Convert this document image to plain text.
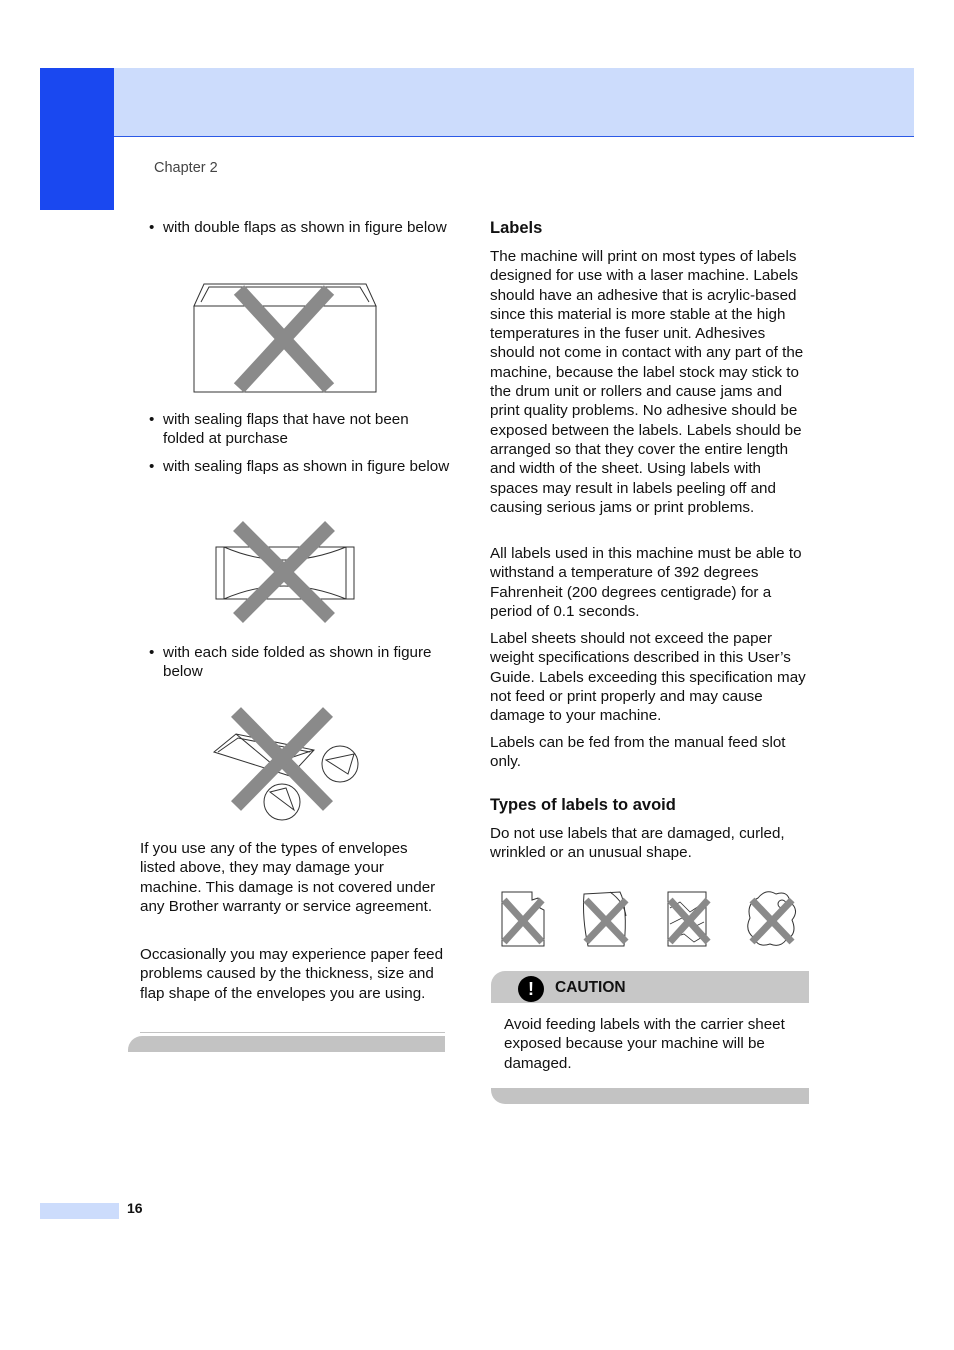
Chapter 2
• with double flaps as shown in figure below
• with sealing flaps that have not been folded at purchase
• with sealing flaps as shown in figure below
• with each side folded as shown in figure below
If you use any of the types of envelopes listed above, they may damage your machine. This damage is not covered under any Brother warranty or service agreement.
Occasionally you may experience paper feed problems caused by the thickness, size and flap shape of the envelopes you are using.
Labels
The machine will print on most types of labels designed for use with a laser machine. Labels should have an adhesive that is acrylic-based since this material is more stable at the high temperatures in the fuser unit. Adhesives should not come in contact with any part of the machine, because the label stock may stick to the drum unit or rollers and cause jams and print quality problems. No adhesive should be exposed between the labels. Labels should be arranged so that they cover the entire length and width of the sheet. Using labels with spaces may result in labels peeling off and causing serious jams or print problems.
All labels used in this machine must be able to withstand a temperature of 392 degrees Fahrenheit (200 degrees centigrade) for a period of 0.1 seconds.
Label sheets should not exceed the paper weight specifications described in this User’s Guide. Labels exceeding this specification may not feed or print properly and may cause damage to your machine.
Labels can be fed from the manual feed slot only.
Types of labels to avoid
Do not use labels that are damaged, curled, wrinkled or an unusual shape.
!	CAUTION
Avoid feeding labels with the carrier sheet exposed because your machine will be damaged.
16
